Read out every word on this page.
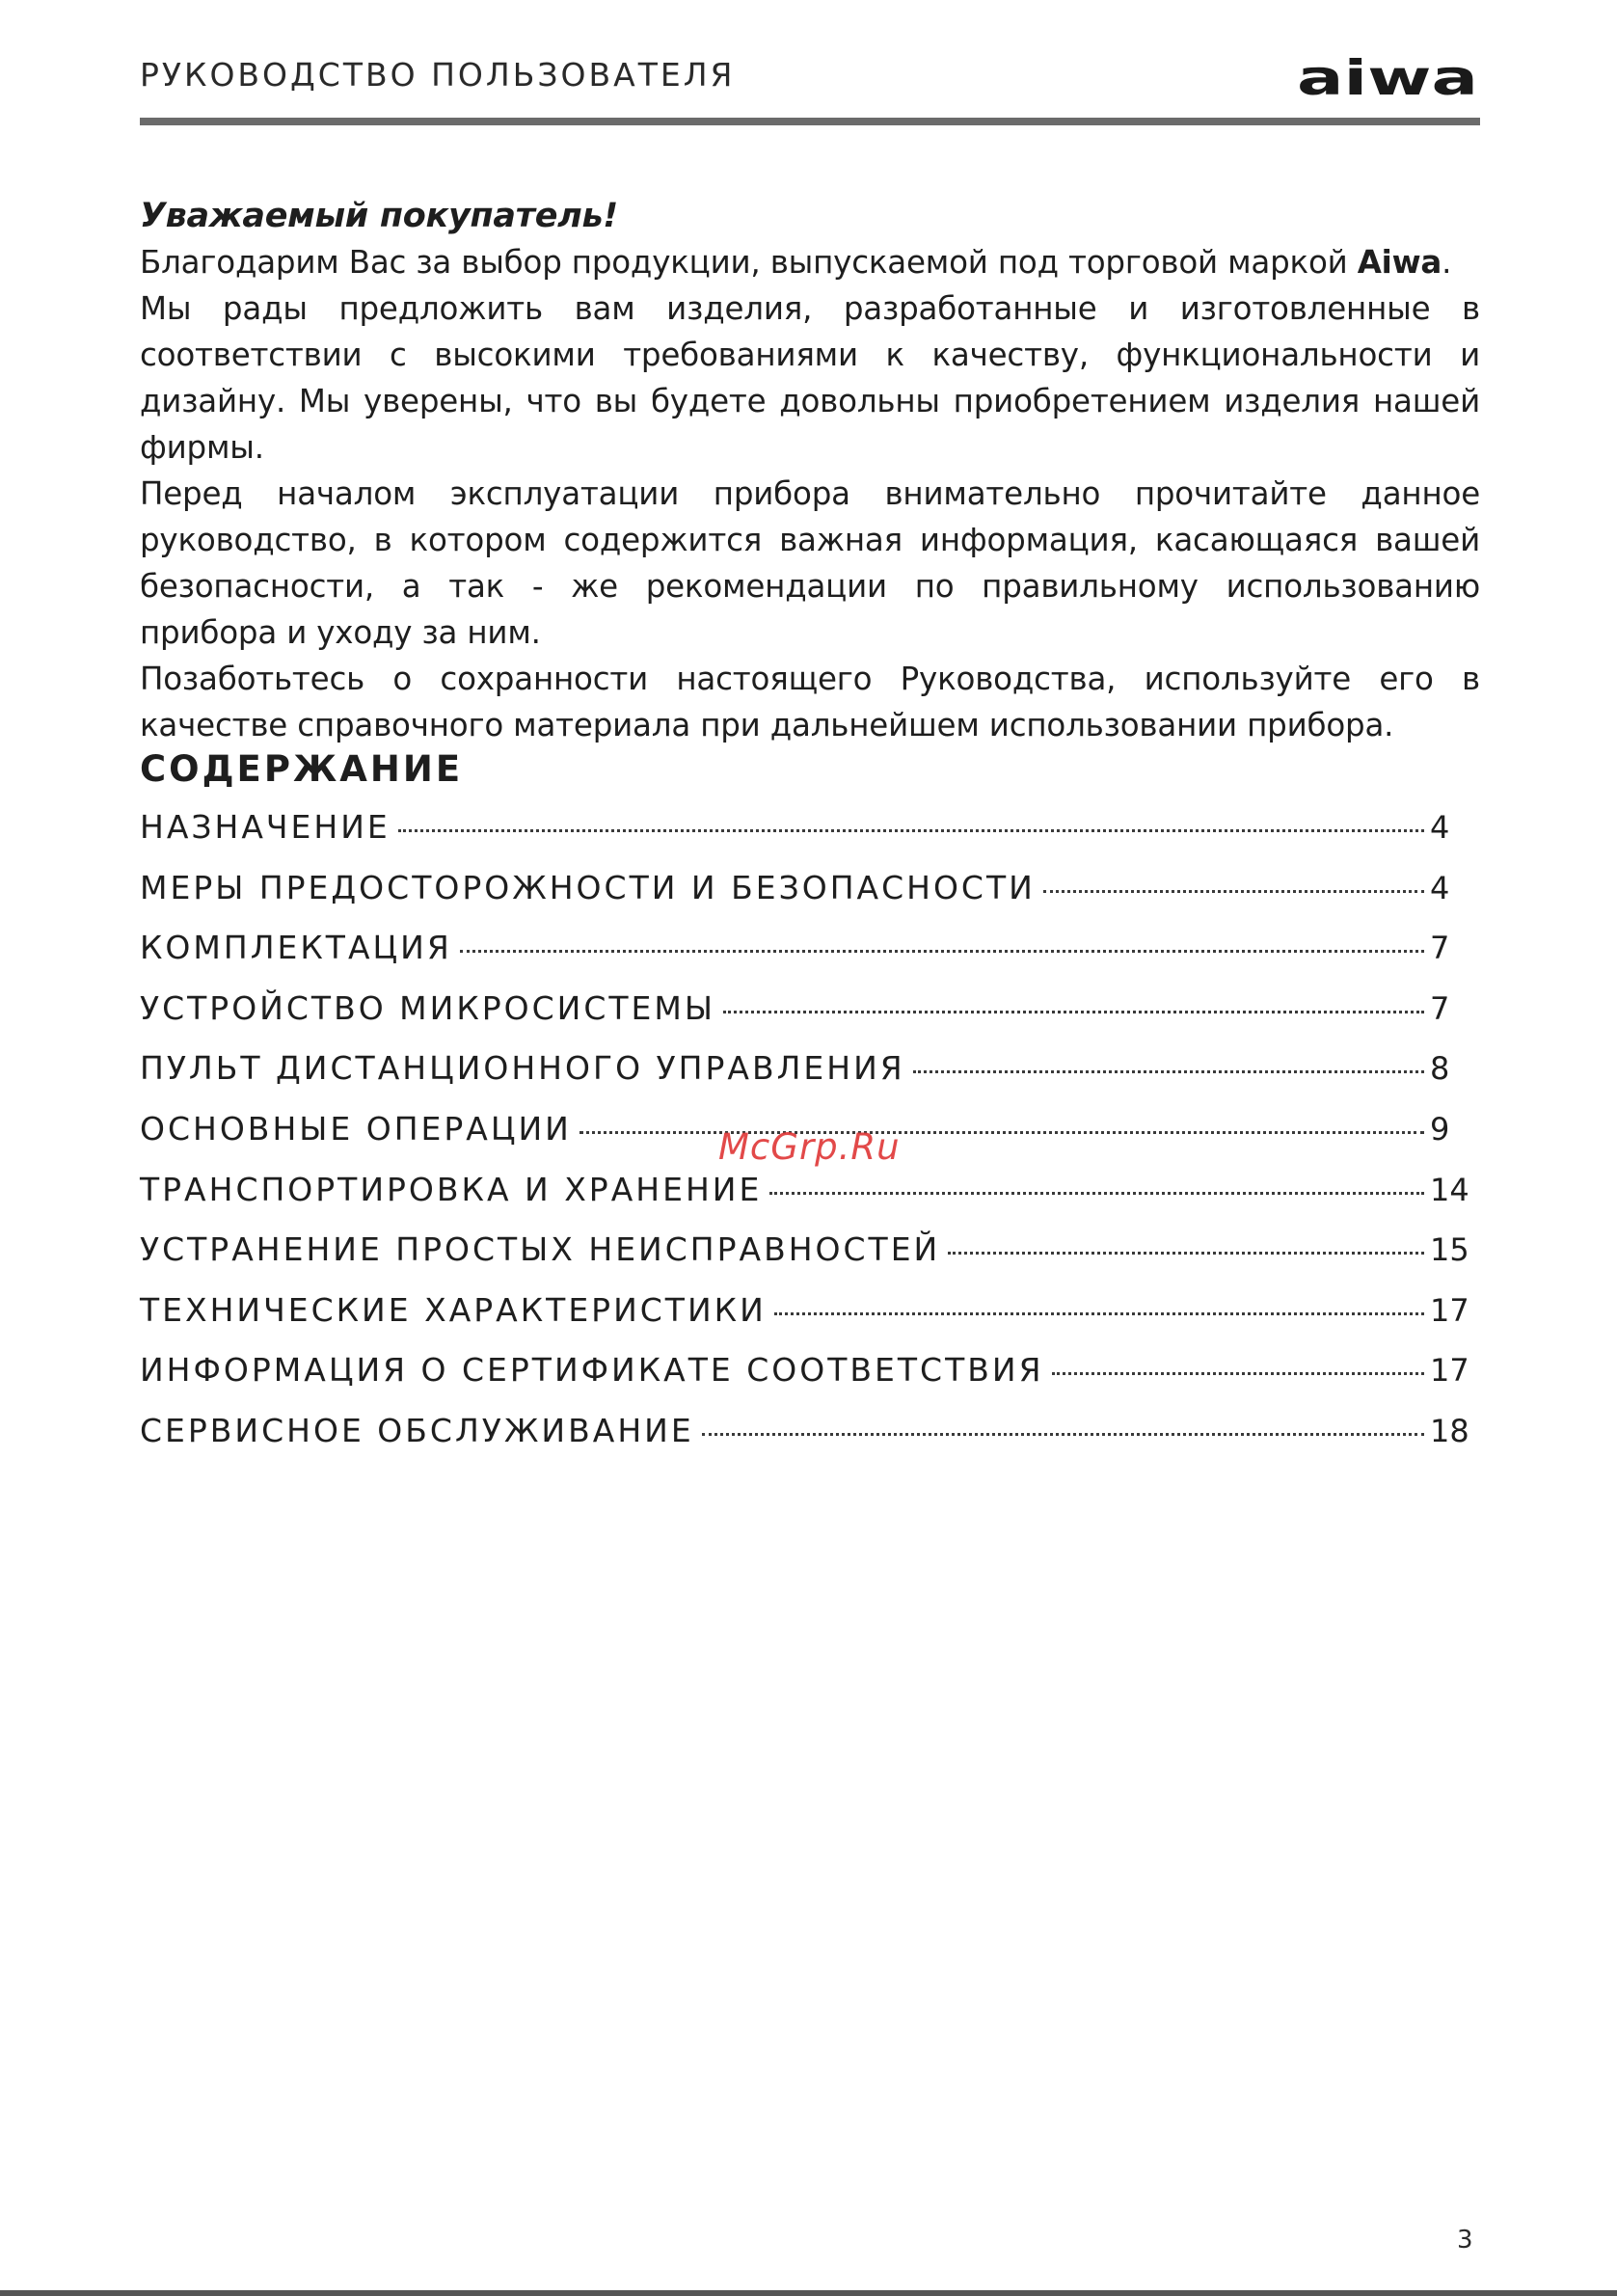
РУКОВОДСТВО ПОЛЬЗОВАТЕЛЯ	aiwa

Уважаемый покупатель!

Благодарим Вас за выбор продукции, выпускаемой под торговой маркой Aiwa.

Мы рады предложить вам изделия, разработанные и изготовленные в соответствии с высокими требованиями к качеству, функциональности и дизайну. Мы уверены, что вы будете довольны приобретением изделия нашей фирмы.

Перед началом эксплуатации прибора внимательно прочитайте данное руководство, в котором содержится важная информация, касающаяся вашей безопасности, а так - же рекомендации по правильному использованию прибора и уходу за ним.

Позаботьтесь о сохранности настоящего Руководства, используйте его в качестве справочного материала при дальнейшем использовании прибора.

СОДЕРЖАНИЕ
НАЗНАЧЕНИЕ	4
МЕРЫ ПРЕДОСТОРОЖНОСТИ И БЕЗОПАСНОСТИ	4
КОМПЛЕКТАЦИЯ	7
УСТРОЙСТВО МИКРОСИСТЕМЫ	7
ПУЛЬТ ДИСТАНЦИОННОГО УПРАВЛЕНИЯ	8
ОСНОВНЫЕ ОПЕРАЦИИ	9
ТРАНСПОРТИРОВКА И ХРАНЕНИЕ	14
УСТРАНЕНИЕ ПРОСТЫХ НЕИСПРАВНОСТЕЙ	15
ТЕХНИЧЕСКИЕ ХАРАКТЕРИСТИКИ	17
ИНФОРМАЦИЯ О СЕРТИФИКАТЕ СООТВЕТСТВИЯ	17
СЕРВИСНОЕ ОБСЛУЖИВАНИЕ	18
McGrp.Ru
3
